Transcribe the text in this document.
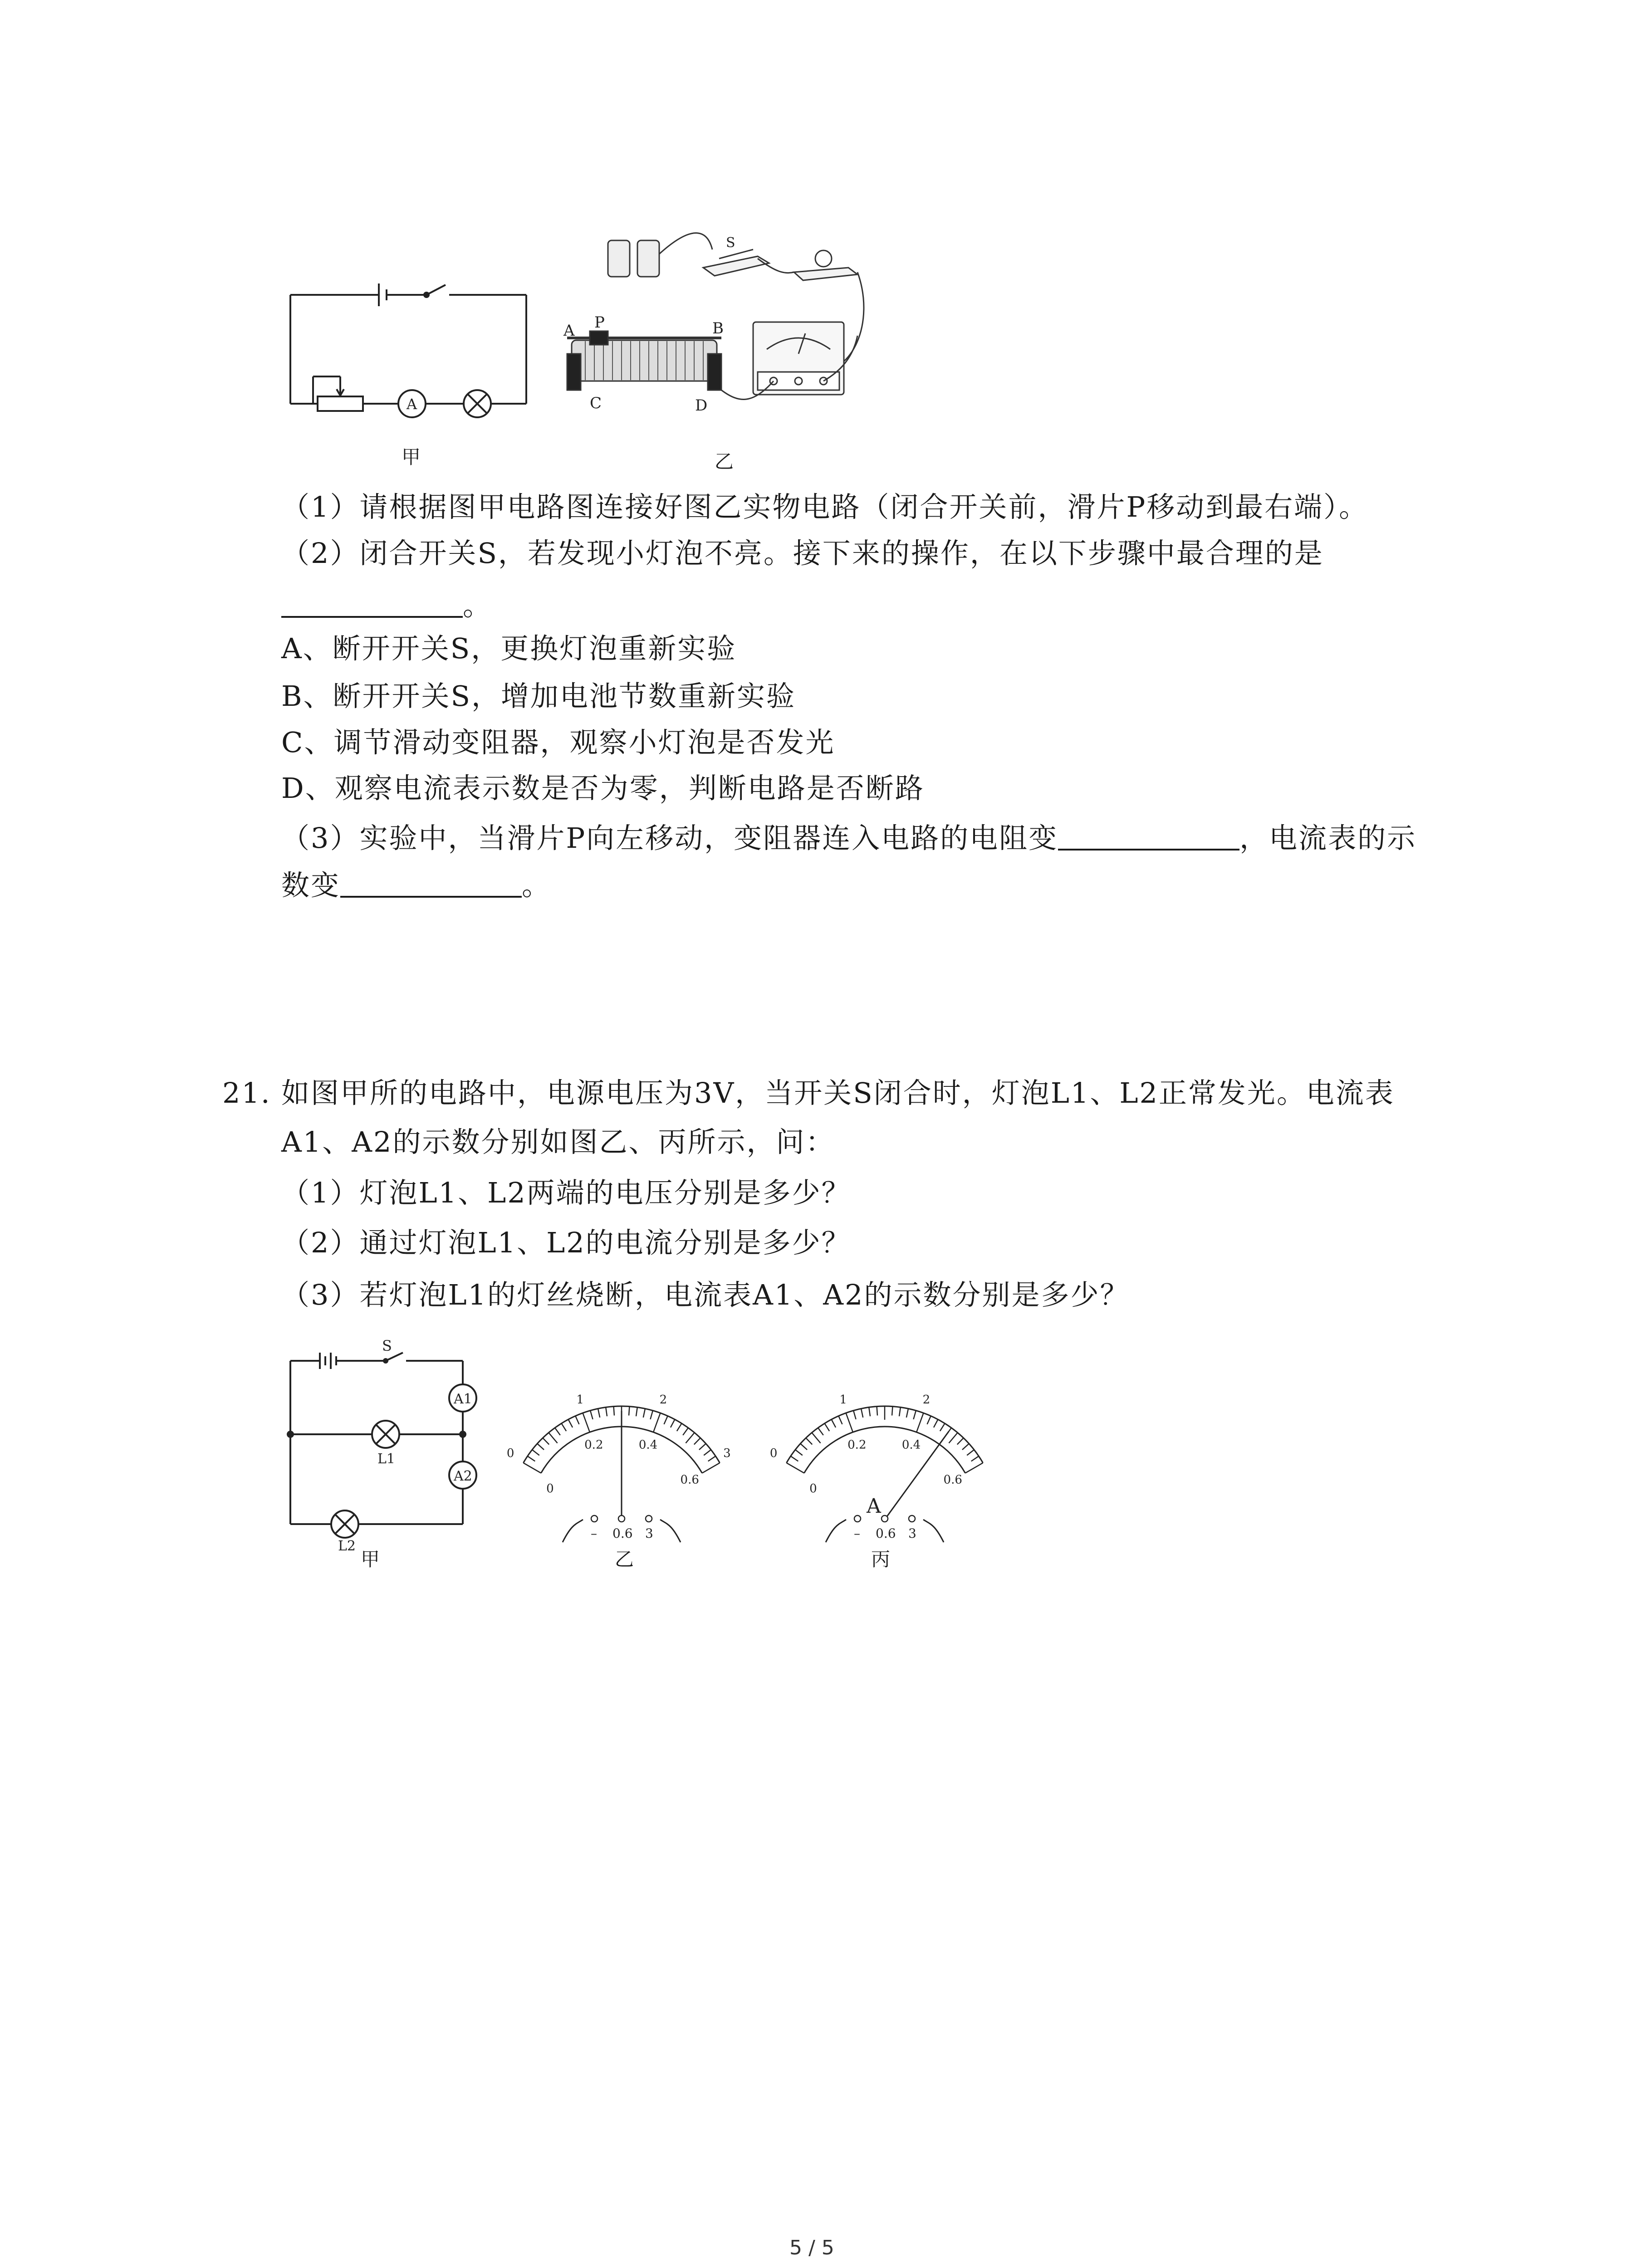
A
甲
S
A P	B
C	D
乙
（1）请根据图甲电路图连接好图乙实物电路（闭合开关前，滑片P移动到最右端）。
（2）闭合开关S，若发现小灯泡不亮。接下来的操作，在以下步骤中最合理的是
。
A、断开开关S，更换灯泡重新实验
B、断开开关S，增加电池节数重新实验
C、调节滑动变阻器，观察小灯泡是否发光
D、观察电流表示数是否为零，判断电路是否断路
（3）实验中，当滑片P向左移动，变阻器连入电路的电阻变	，电流表的示
数变	。
21. 如图甲所的电路中，电源电压为3V，当开关S闭合时，灯泡L1、L2正常发光。电流表
A1、A2的示数分别如图乙、丙所示，问：
（1）灯泡L1、L2两端的电压分别是多少？
（2）通过灯泡L1、L2的电流分别是多少？
（3）若灯泡L1的灯丝烧断，电流表A1、A2的示数分别是多少？
S
A1
A2
L1
L2
甲
0
0
1	2
3
0.2	0.4
0.6
– 0.6 3
乙
0
0
1	2
0.2	0.4
0.6
A
– 0.6 3
丙
5 / 5
